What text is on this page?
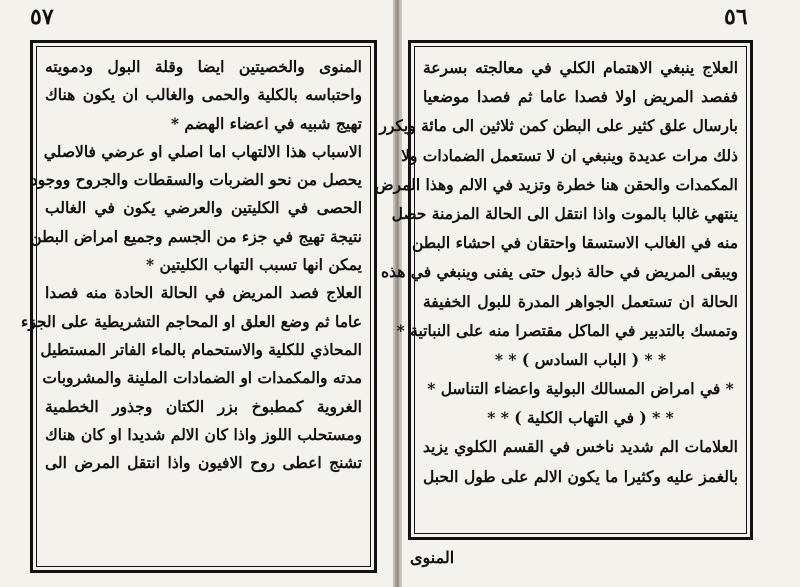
٥٧
المنوى والخصيتين ايضا وقلة البول ودمويته
واحتباسه بالكلية والحمى والغالب ان يكون هناك
تهيج شبيه في اعضاء الهضم *
الاسباب هذا الالتهاب اما اصلي او عرضي فالاصلي
يحصل من نحو الضربات والسقطات والجروح ووجود
الحصى في الكليتين والعرضي يكون في الغالب
نتيجة تهيج في جزء من الجسم وجميع امراض البطن
يمكن انها تسبب التهاب الكليتين *
العلاج فصد المريض في الحالة الحادة منه فصدا
عاما ثم وضع العلق او المحاجم التشريطية على الجزء
المحاذي للكلية والاستحمام بالماء الفاتر المستطيل
مدته والمكمدات او الضمادات الملينة والمشروبات
الغروية كمطبوخ بزر الكتان وجذور الخطمية
ومستحلب اللوز واذا كان الالم شديدا او كان هناك
تشنج اعطى روح الافيون واذا انتقل المرض الى
٥٦
العلاج ينبغي الاهتمام الكلي في معالجته بسرعة
ففصد المريض اولا فصدا عاما ثم فصدا موضعيا
بارسال علق كثير على البطن كمن ثلاثين الى مائة ويكرر
ذلك مرات عديدة وينبغي ان لا تستعمل الضمادات ولا
المكمدات والحقن هنا خطرة وتزيد في الالم وهذا المرض
ينتهي غالبا بالموت واذا انتقل الى الحالة المزمنة حصل
منه في الغالب الاستسقا واحتقان في احشاء البطن
ويبقى المريض في حالة ذبول حتى يفنى وينبغي في هذه
الحالة ان تستعمل الجواهر المدرة للبول الخفيفة
وتمسك بالتدبير في الماكل مقتصرا منه على النباتية *
* * ( الباب السادس ) * *
* في امراض المسالك البولية واعضاء التناسل *
* * ( في التهاب الكلية ) * *
العلامات الم شديد ناخس في القسم الكلوي يزيد
بالغمز عليه وكثيرا ما يكون الالم على طول الحبل
المنوى
